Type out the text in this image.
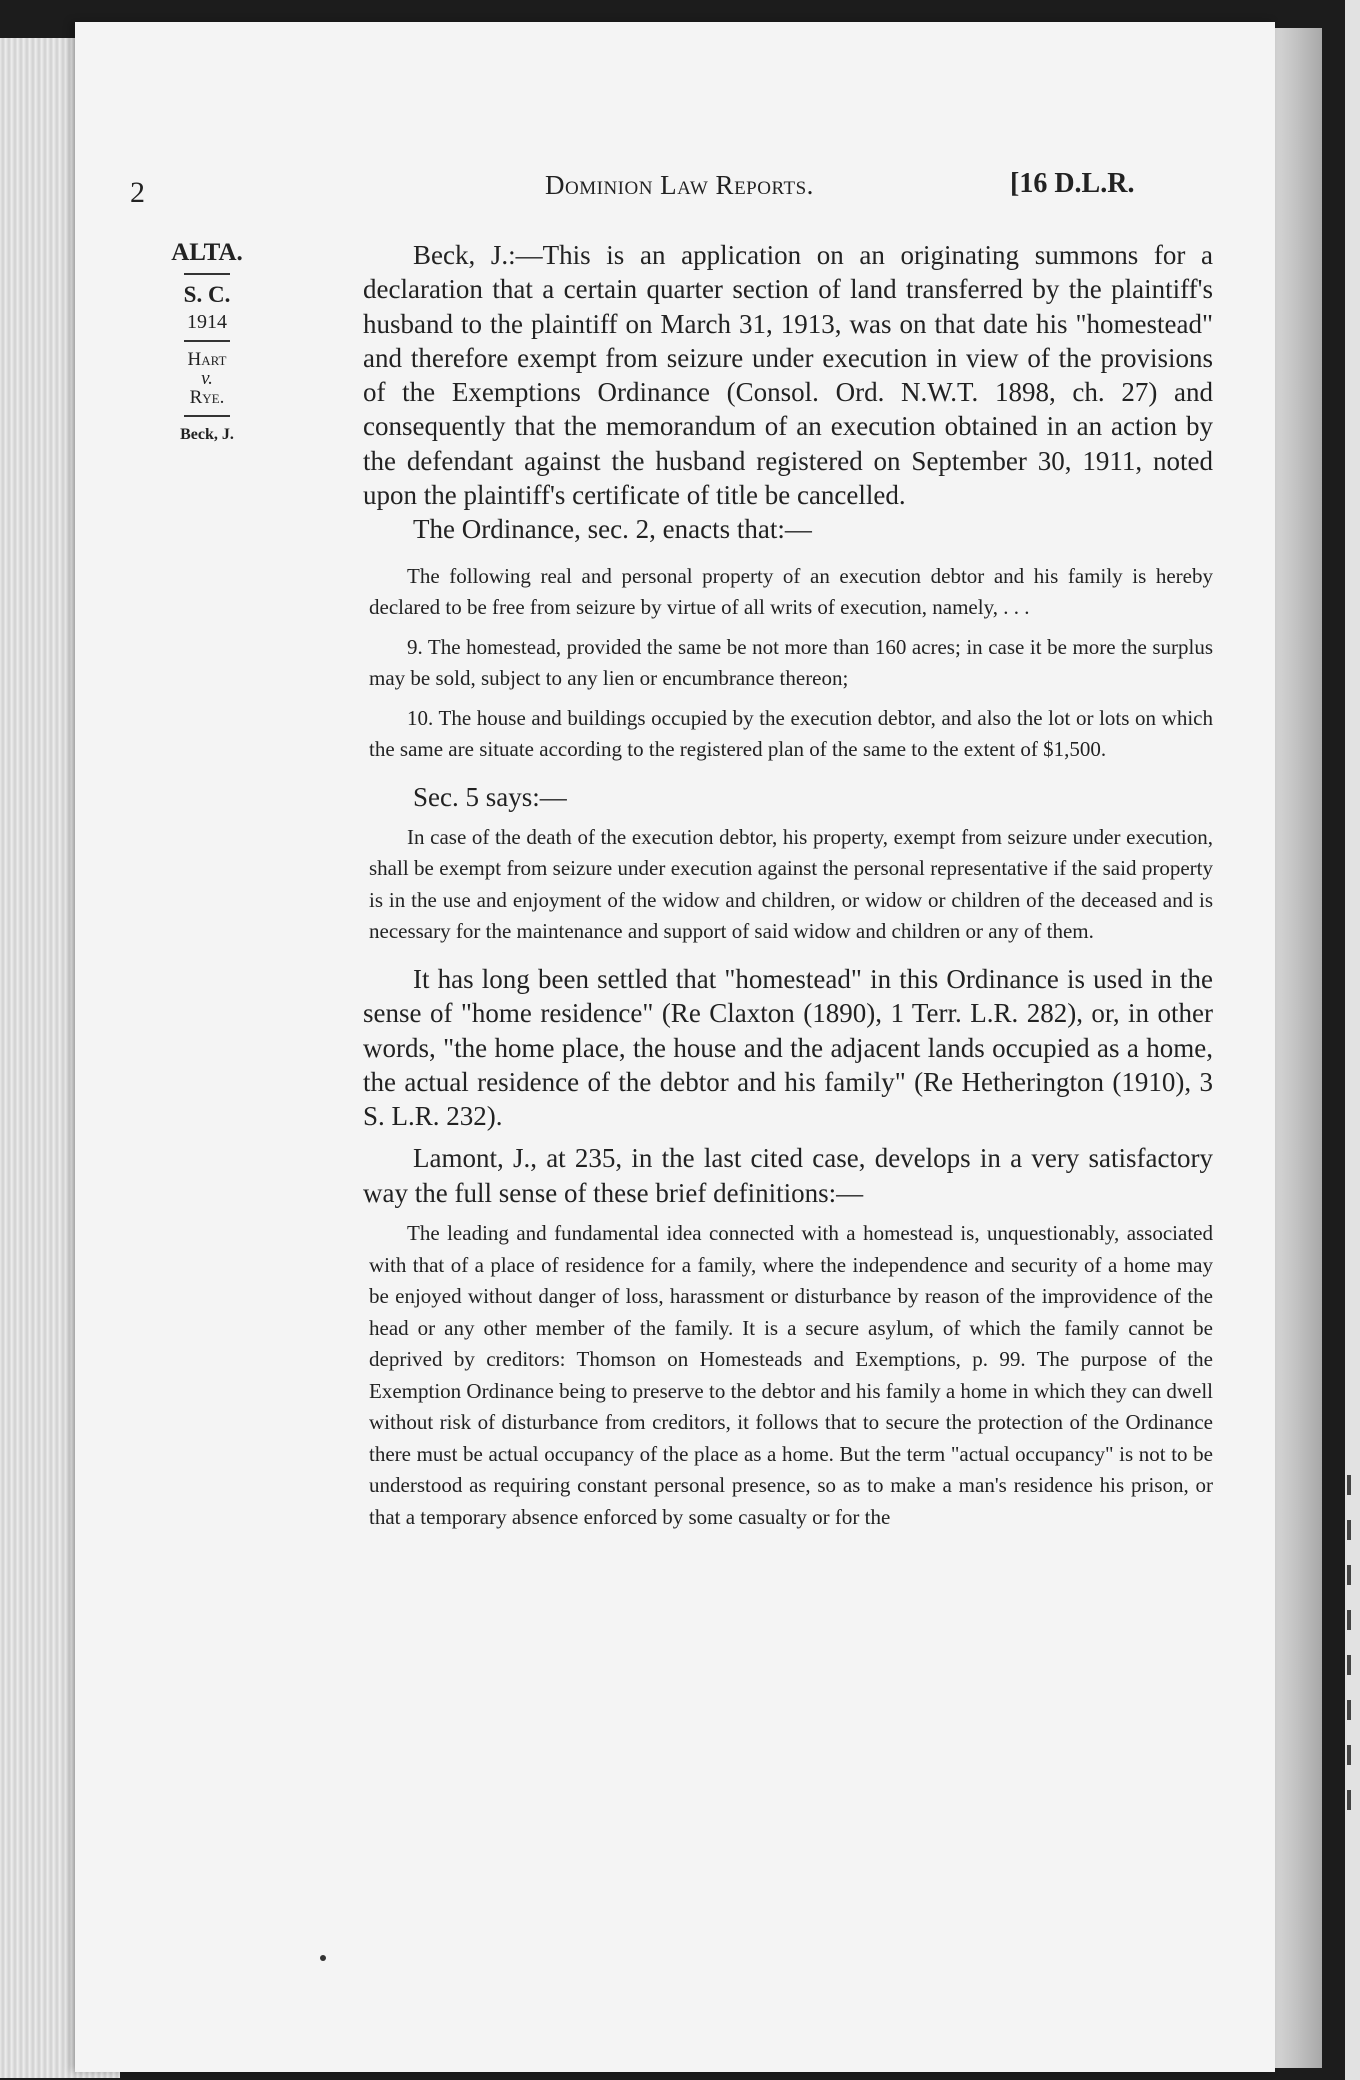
2	Dominion Law Reports.	[16 D.L.R.
ALTA.
S. C.
1914
Hart
v.
Rye.
Beck, J.

Beck, J.:—This is an application on an originating summons for a declaration that a certain quarter section of land transferred by the plaintiff's husband to the plaintiff on March 31, 1913, was on that date his "homestead" and therefore exempt from seizure under execution in view of the provisions of the Exemptions Ordinance (Consol. Ord. N.W.T. 1898, ch. 27) and consequently that the memorandum of an execution obtained in an action by the defendant against the husband registered on September 30, 1911, noted upon the plaintiff's certificate of title be cancelled.

The Ordinance, sec. 2, enacts that:—

The following real and personal property of an execution debtor and his family is hereby declared to be free from seizure by virtue of all writs of execution, namely, . . .

9. The homestead, provided the same be not more than 160 acres; in case it be more the surplus may be sold, subject to any lien or encumbrance thereon;

10. The house and buildings occupied by the execution debtor, and also the lot or lots on which the same are situate according to the registered plan of the same to the extent of $1,500.

Sec. 5 says:—

In case of the death of the execution debtor, his property, exempt from seizure under execution, shall be exempt from seizure under execution against the personal representative if the said property is in the use and enjoyment of the widow and children, or widow or children of the deceased and is necessary for the maintenance and support of said widow and children or any of them.

It has long been settled that "homestead" in this Ordinance is used in the sense of "home residence" (Re Claxton (1890), 1 Terr. L.R. 282), or, in other words, "the home place, the house and the adjacent lands occupied as a home, the actual residence of the debtor and his family" (Re Hetherington (1910), 3 S. L.R. 232).

Lamont, J., at 235, in the last cited case, develops in a very satisfactory way the full sense of these brief definitions:—

The leading and fundamental idea connected with a homestead is, unquestionably, associated with that of a place of residence for a family, where the independence and security of a home may be enjoyed without danger of loss, harassment or disturbance by reason of the improvidence of the head or any other member of the family. It is a secure asylum, of which the family cannot be deprived by creditors: Thomson on Homesteads and Exemptions, p. 99. The purpose of the Exemption Ordinance being to preserve to the debtor and his family a home in which they can dwell without risk of disturbance from creditors, it follows that to secure the protection of the Ordinance there must be actual occupancy of the place as a home. But the term "actual occupancy" is not to be understood as requiring constant personal presence, so as to make a man's residence his prison, or that a temporary absence enforced by some casualty or for the
